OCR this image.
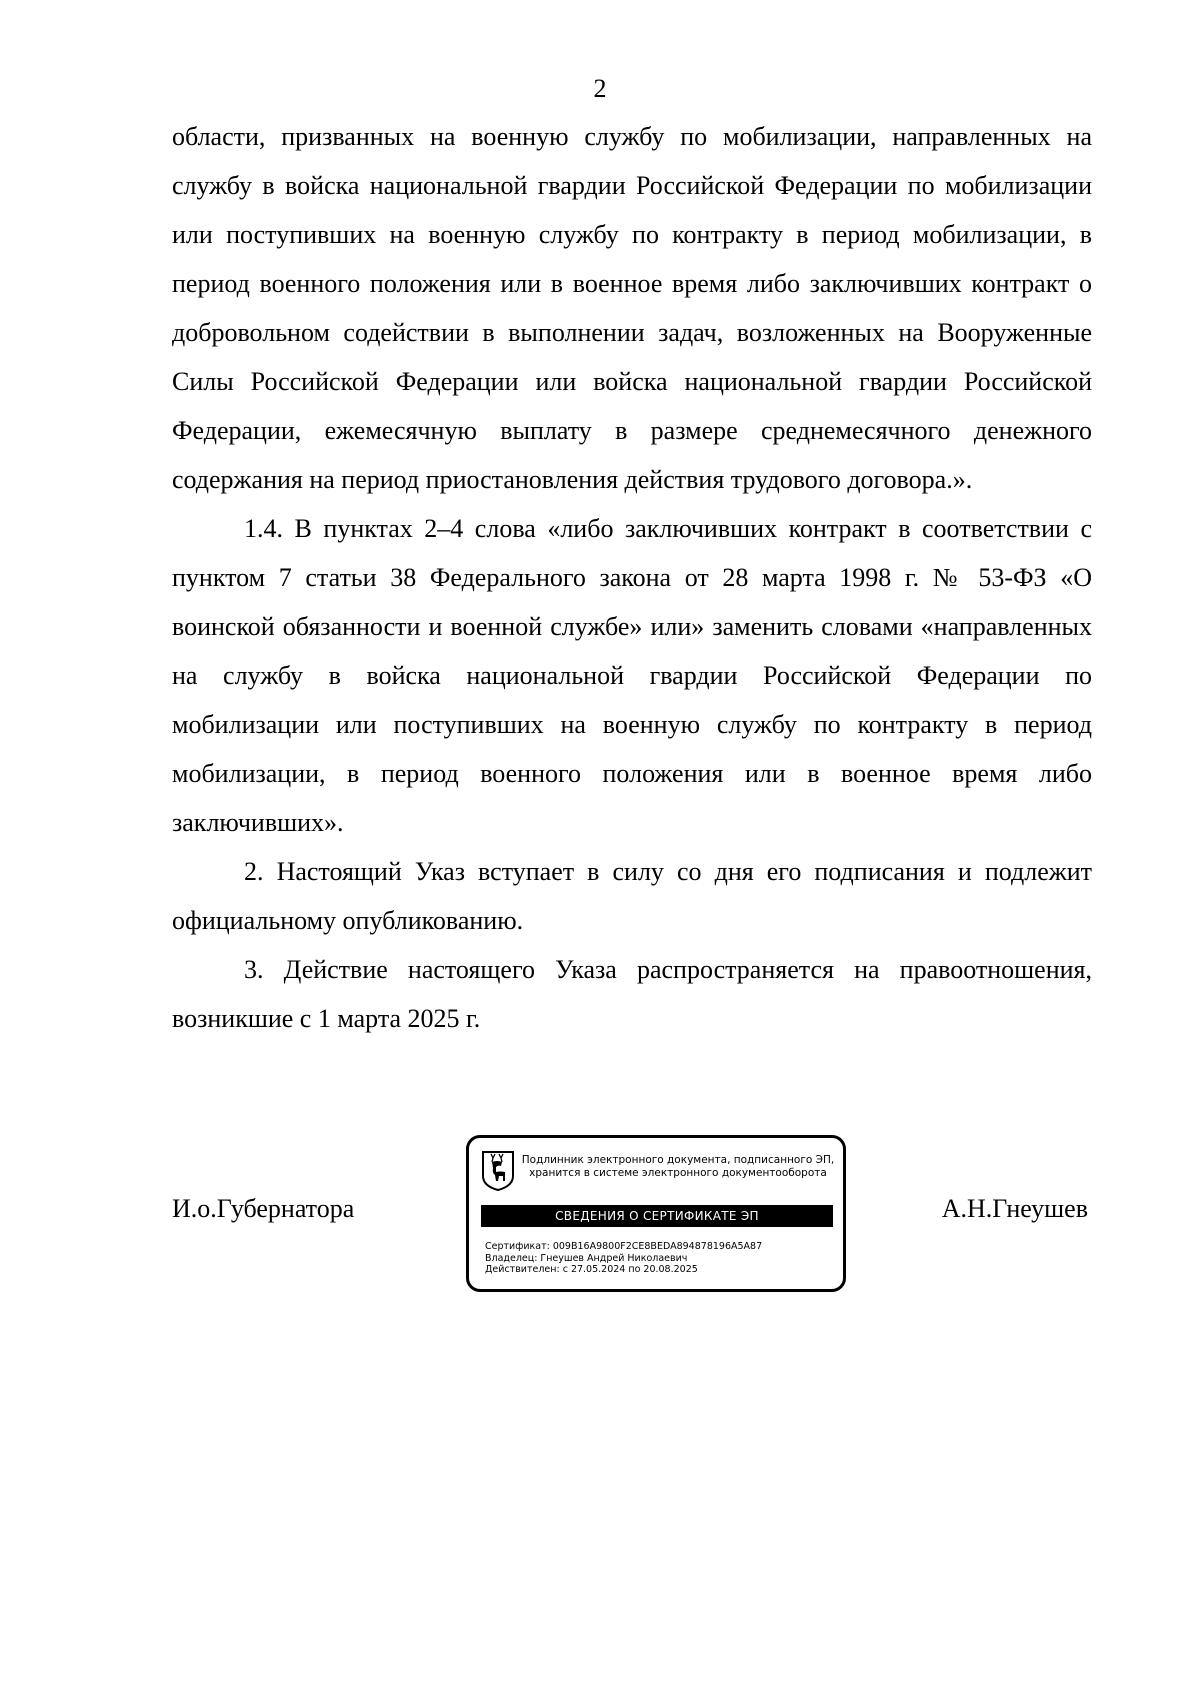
2

области, призванных на военную службу по мобилизации, направленных на службу в войска национальной гвардии Российской Федерации по мобилизации или поступивших на военную службу по контракту в период мобилизации, в период военного положения или в военное время либо заключивших контракт о добровольном содействии в выполнении задач, возложенных на Вооруженные Силы Российской Федерации или войска национальной гвардии Российской Федерации, ежемесячную выплату в размере среднемесячного денежного содержания на период приостановления действия трудового договора.».

1.4. В пунктах 2–4 слова «либо заключивших контракт в соответствии с пунктом 7 статьи 38 Федерального закона от 28 марта 1998 г. № 53-ФЗ «О воинской обязанности и военной службе» или» заменить словами «направленных на службу в войска национальной гвардии Российской Федерации по мобилизации или поступивших на военную службу по контракту в период мобилизации, в период военного положения или в военное время либо заключивших».

2. Настоящий Указ вступает в силу со дня его подписания и подлежит официальному опубликованию.

3. Действие настоящего Указа распространяется на правоотношения, возникшие с 1 марта 2025 г.

И.о.Губернатора	А.Н.Гнеушев
Подлинник электронного документа, подписанного ЭП,
хранится в системе электронного документооборота
СВЕДЕНИЯ О СЕРТИФИКАТЕ ЭП
Сертификат: 009B16A9800F2CE8BEDA894878196A5A87
Владелец: Гнеушев Андрей Николаевич
Действителен: с 27.05.2024 по 20.08.2025
